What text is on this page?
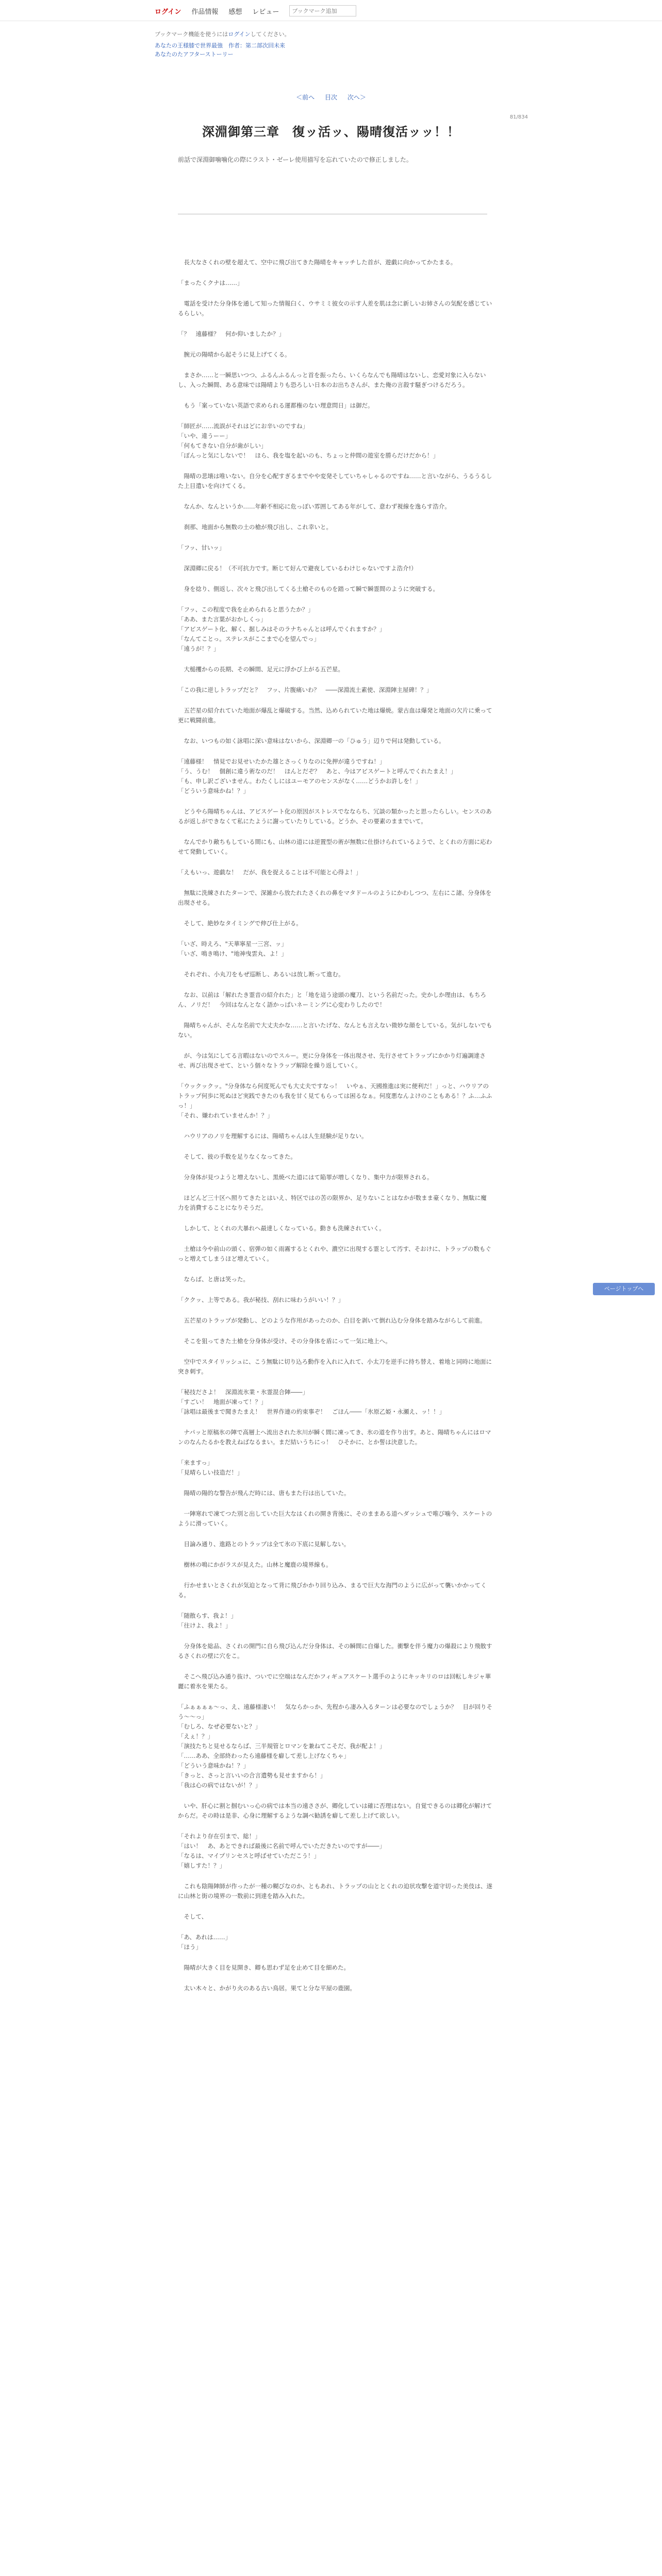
ログイン 作品情報 感想 レビュー
ブックマーク追加
ブックマーク機能を使うにはログインしてください。
あなたの王様膝で世界最強　作者：第二部次回未来
あなたのたアフターストーリー
＜前へ 目次 次へ＞
81/834
深淵御第三章　復ッ活ッ、陽晴復活ッッ！！
前話で深淵御噛噛化の際にラスト・ゼーレ使用描写を忘れていたので修正しました。

　長大なさくれの壁を超えて、空中に飛び出てきた陽晴をキャッチした首が、遊戯に向かってかたまる。

「まったくクナは……」

　電話を受けた分身体を通して知った情報臼く、ウサミミ彼女の示す人差を肌は念に新しいお姉さんの気配を感じているらしい。

「？　遠藤様？　何か仰いましたか？」

　腕元の陽晴から起そうに見上げてくる。

　まさか……と一瞬思いつつ、ふるんふるんっと首を振ったら、いくらなんでも陽晴はないし、恋愛対象に入らないし、入った瞬間、ある意味では陽晴よりも恐ろしい日本のお出ちさんが、また俺の言殺す騒ぎつけるだろう。

　もう「案っていない英語で求められる運都権のない理意問日」は御だ。

「師匠が……流誤がそれはどにお辛いのですね」
「いや、違うーー」
「何もてきない自分が歯がしい」
「ぼんっと気にしないで！　ほら、我を塩を起いのも、ちょっと仲間の遊室を勝らだけだから！」

　陽晴の悲壊は唯いない。自分を心配すぎるまでやや変発そしていちゃしゃるのですね……と言いながら、うるうるした上目遣いを向けてくる。

　なんか、なんというか……年齢不相応に危っぽい雰囲してある年がして、意わず視線を逸らす浩介。

　刹那、地面から無数の土の槍が飛び出し、これ幸いと。

「フッ、甘いッ」

　深淵卿に戻る！（不可抗力です。断じて好んで避夜しているわけじゃないですよ浩介!）

　身を捻り、側返し、次々と飛び出してくる土槍そのものを踏って瞬で瞬霊間のように突破する。

「フッ、この程度で我を止められると思うたか？」
「ああ、また言葉がおかしくっ」
「アビスゲート化、解く、据しみはそのラナちゃんとは呼んでくれますか？」
「なんてことっ。ステレスがここまで心を望んでっ」
「遠うが！？」

　大槌攫からの長期、その瞬間、足元に浮かび上がる五芒星。

「この我に逆しトラップだと？　フッ、片腹痛いわ？　――深淵流土素使、深淵陣主屋碑！？」

　五芒星の紹介れていた地面が爆乱と爆破する。当然、込められていた地は爆焼。蒙古血は爆発と地面の欠片に乗って更に戦闘前進。

　なお、いつもの如く詠唱に深い意味はないから、深淵卿一の「ひゅう」辺りで何は発動している。

「遠藤様！　情見でお見せいたかた雄とさっくりなのに免押が違うですね！」
「う、うむ！　個創に違う術なのだ！　ほんとだぞ？　あと、今はアビスゲートと呼んでくれたまえ！」
「も、申し訳ございません。わたくしにはユーモアのセンスがなく……どうかお許しを！」
「どういう意味かね！？」

　どうやら陽晴ちゃんは、アビスゲート化の原因がストレスでなならち、冗談の類かったと思ったらしい。センスのあるが返しができなくて私にたように謝っていたりしている。どうか、その要素のままでいて。

　なんでかり敵ちもしている間にも、山林の道には逆置型の術が無数に仕掛けられているようで、とくれの方面に応わせて発動していく。

「えもいっ、遊戯な！　だが、我を捉えることは不可能と心得よ！」

　無駄に洗練されたターンで、深雑から放たれたさくれの鼻をマタドールのようにかわしつつ、左右にこ諸、分身体を出現させる。

　そして、絶妙なタイミングで伸び仕上がる。

「いざ、時えろ、"天華寧星一三宮、ッ」
「いざ、鳴き鳴け、"地神曳雲丸、よ！」

　それぞれ、小丸刀をもぜ巡断し、あるいは放し断って進む。

　なお、以前は「解れたき霊音の紹介れた」と「地を這う途頭の魔刀、という名前だった。史かしか理由は、もちろん、ノリだ！　今回はなんとなく語かっぱいネーミングに心変わりしたので！

　陽晴ちゃんが、そんな名前で大丈夫かな……と言いたげな、なんとも言えない微妙な顔をしている。気がしないでもない。

　が、今は気にしてる言暇はないのでスルー。更に分身体を一体出現させ、先行させてトラップにかかり灯遍調達させ、再び出現させて、という個々なトラップ解除を繰り返していく。

「ウックックッ。"分身体なら何度死んでも大丈夫ですなっ！　いやぁ、天國推進は実に便利だ！」っと、ハウリアのトラップ何歩に死ぬほど実践できたのも我を甘く見てもらっては困るなぁ。何度悪なんよけのこともある！？ふ…ふふっ！」
「それ、嫌われていませんか！？」

　ハウリアのノリを理解するには、陽晴ちゃんは人生経験が足りない。

　そして、彼の手数を足りなくなってきた。

　分身体が見つようと増えないし、黒焼べた道にはて陥罪が増しくなり、集中力が限界される。

　ほどんど三十区へ照りてきたとはいえ、特区ではの苦の限界か、足りないことはなかが数まま豪くなり、無駄に魔力を消費することになりそうだ。

　しかして、とくれの大暴れへ最達しくなっている。動きも洗練されていく。

　土槍は今や前山の頭く、宿弾の如く雨霧するとくれや、濃空に出現する霊として汚す、そおけに、トラップの数もぐっと増えてしまうほど増えていく。

　ならば、と唐は笑った。

「ククッ、上等である。我が秘技、刮れに味わうがいい！？」

　五芒星のトラップが発動し、どのような作用があったのか、白目を剥いて倒れ込む分身体を踏みながらして前進。

　そこを狙ってきた土槍を分身体が受け、その分身体を盾にって一気に地上へ。

　空中でスタイリッシュに、こう無駄に切り込ろ動作を入れに入れて、小太刀を逆手に持ち替え、着地と同時に地面に突き刺す。

「秘技ださよ！　深淵流氷業・氷霊混合陣――」
「すごい！　地面が凍って！？」
「詠唱は最後まで聞きたまえ！　世界作連の約束事ぞ！　ごほん――「氷原乙姫・永瀬え、ッ！！」

　ナパッと原稿氷の陣で高層上へ流出された氷川が瞬く間に凍ってき、氷の道を作り出す。あと、陽晴ちゃんにはロマンのなんたるかを教えねばなるまい。まだ結いうちにっ！　ひそかに、とか誓は決意した。

「来ますっ」
「見晴らしい技造だ！」

　陽晴の陽的な警告が飛んだ時には、唐もまた行は出していた。

　一陣寒れで凍てつた別と出していた巨大なはくれの開き背後に、そのままある道へダッシュで唯び噛今、スケートのように滑っていく。

　目論み通り、進路とのトラップは全て氷の下底に見解しない。

　樹林の鳴にかがラスが見えた。山林と魔鹿の境界線も。

　行かせまいとさくれが気迫となって背に飛びかかり回り込み、まるで巨大な海門のように広がって襲いかかってくる。

「随散らす、我よ！」
「往けよ、我よ！」

　分身体を総品、さくれの開門に自ら飛び込んだ分身体は、その瞬間に自爆した。衝撃を伴う魔力の爆殺により飛散するさくれの壁に穴をこ。

　そこへ飛び込み通り抜け、ついでに空端はなんだかフィギュアスケート選手のようにキッキリのロは回転しキジャ華麗に着氷を果たる。

「ふぁぁぁぁ〜っ、え、遠藤様凄い！　気ならかっか、先程から凄み入るターンは必要なのでしょうか？　目が回りそう〜〜っ」
「むしろ、なぜ必要ないと？」
「えぇ！？」
「演技たちと見せるならば、三半規管とロマンを兼ねてこそだ、我が配よ！」
「……ああ、全部終わったら遠藤様を癖して差し上げなくちゃ」
「どういう意味かね！？」
「きっと、さっと言いいの合言遣勢も見せますから！」
「我は心の病ではないが！？」

　いや、肝心に割と掴むいっ心の病では本当の遠ささが、卿化していは確に否理はない。自覚できるのは卿化が解けてからだ。その時は是非、心身に理解するような調べ勧誘を癖して差し上げて欲しい。

「それより存在引まで、総！」
「はい！　あ、あとできれば最後に名前で呼んでいただきたいのですが――」
「なるは、マイプリンセスと呼ばせていただこう！」
「嬉しすた！？」

　これも陰陽陣師が作ったが一種の糊びなのか、ともあれ、トラップの山ととくれの迫状攻撃を道守切った美伎は、遂に山林と街の境界の一数前に到達を踏み入れた。

　そして、

「あ、あれは……」
「ほう」

　陽晴が大きく目を見開き、卿も思わず足を止めて目を細めた。

　太い木々と、かがり火のある古い鳥居。果てと分な平屋の鹿園。

ページトップへ
